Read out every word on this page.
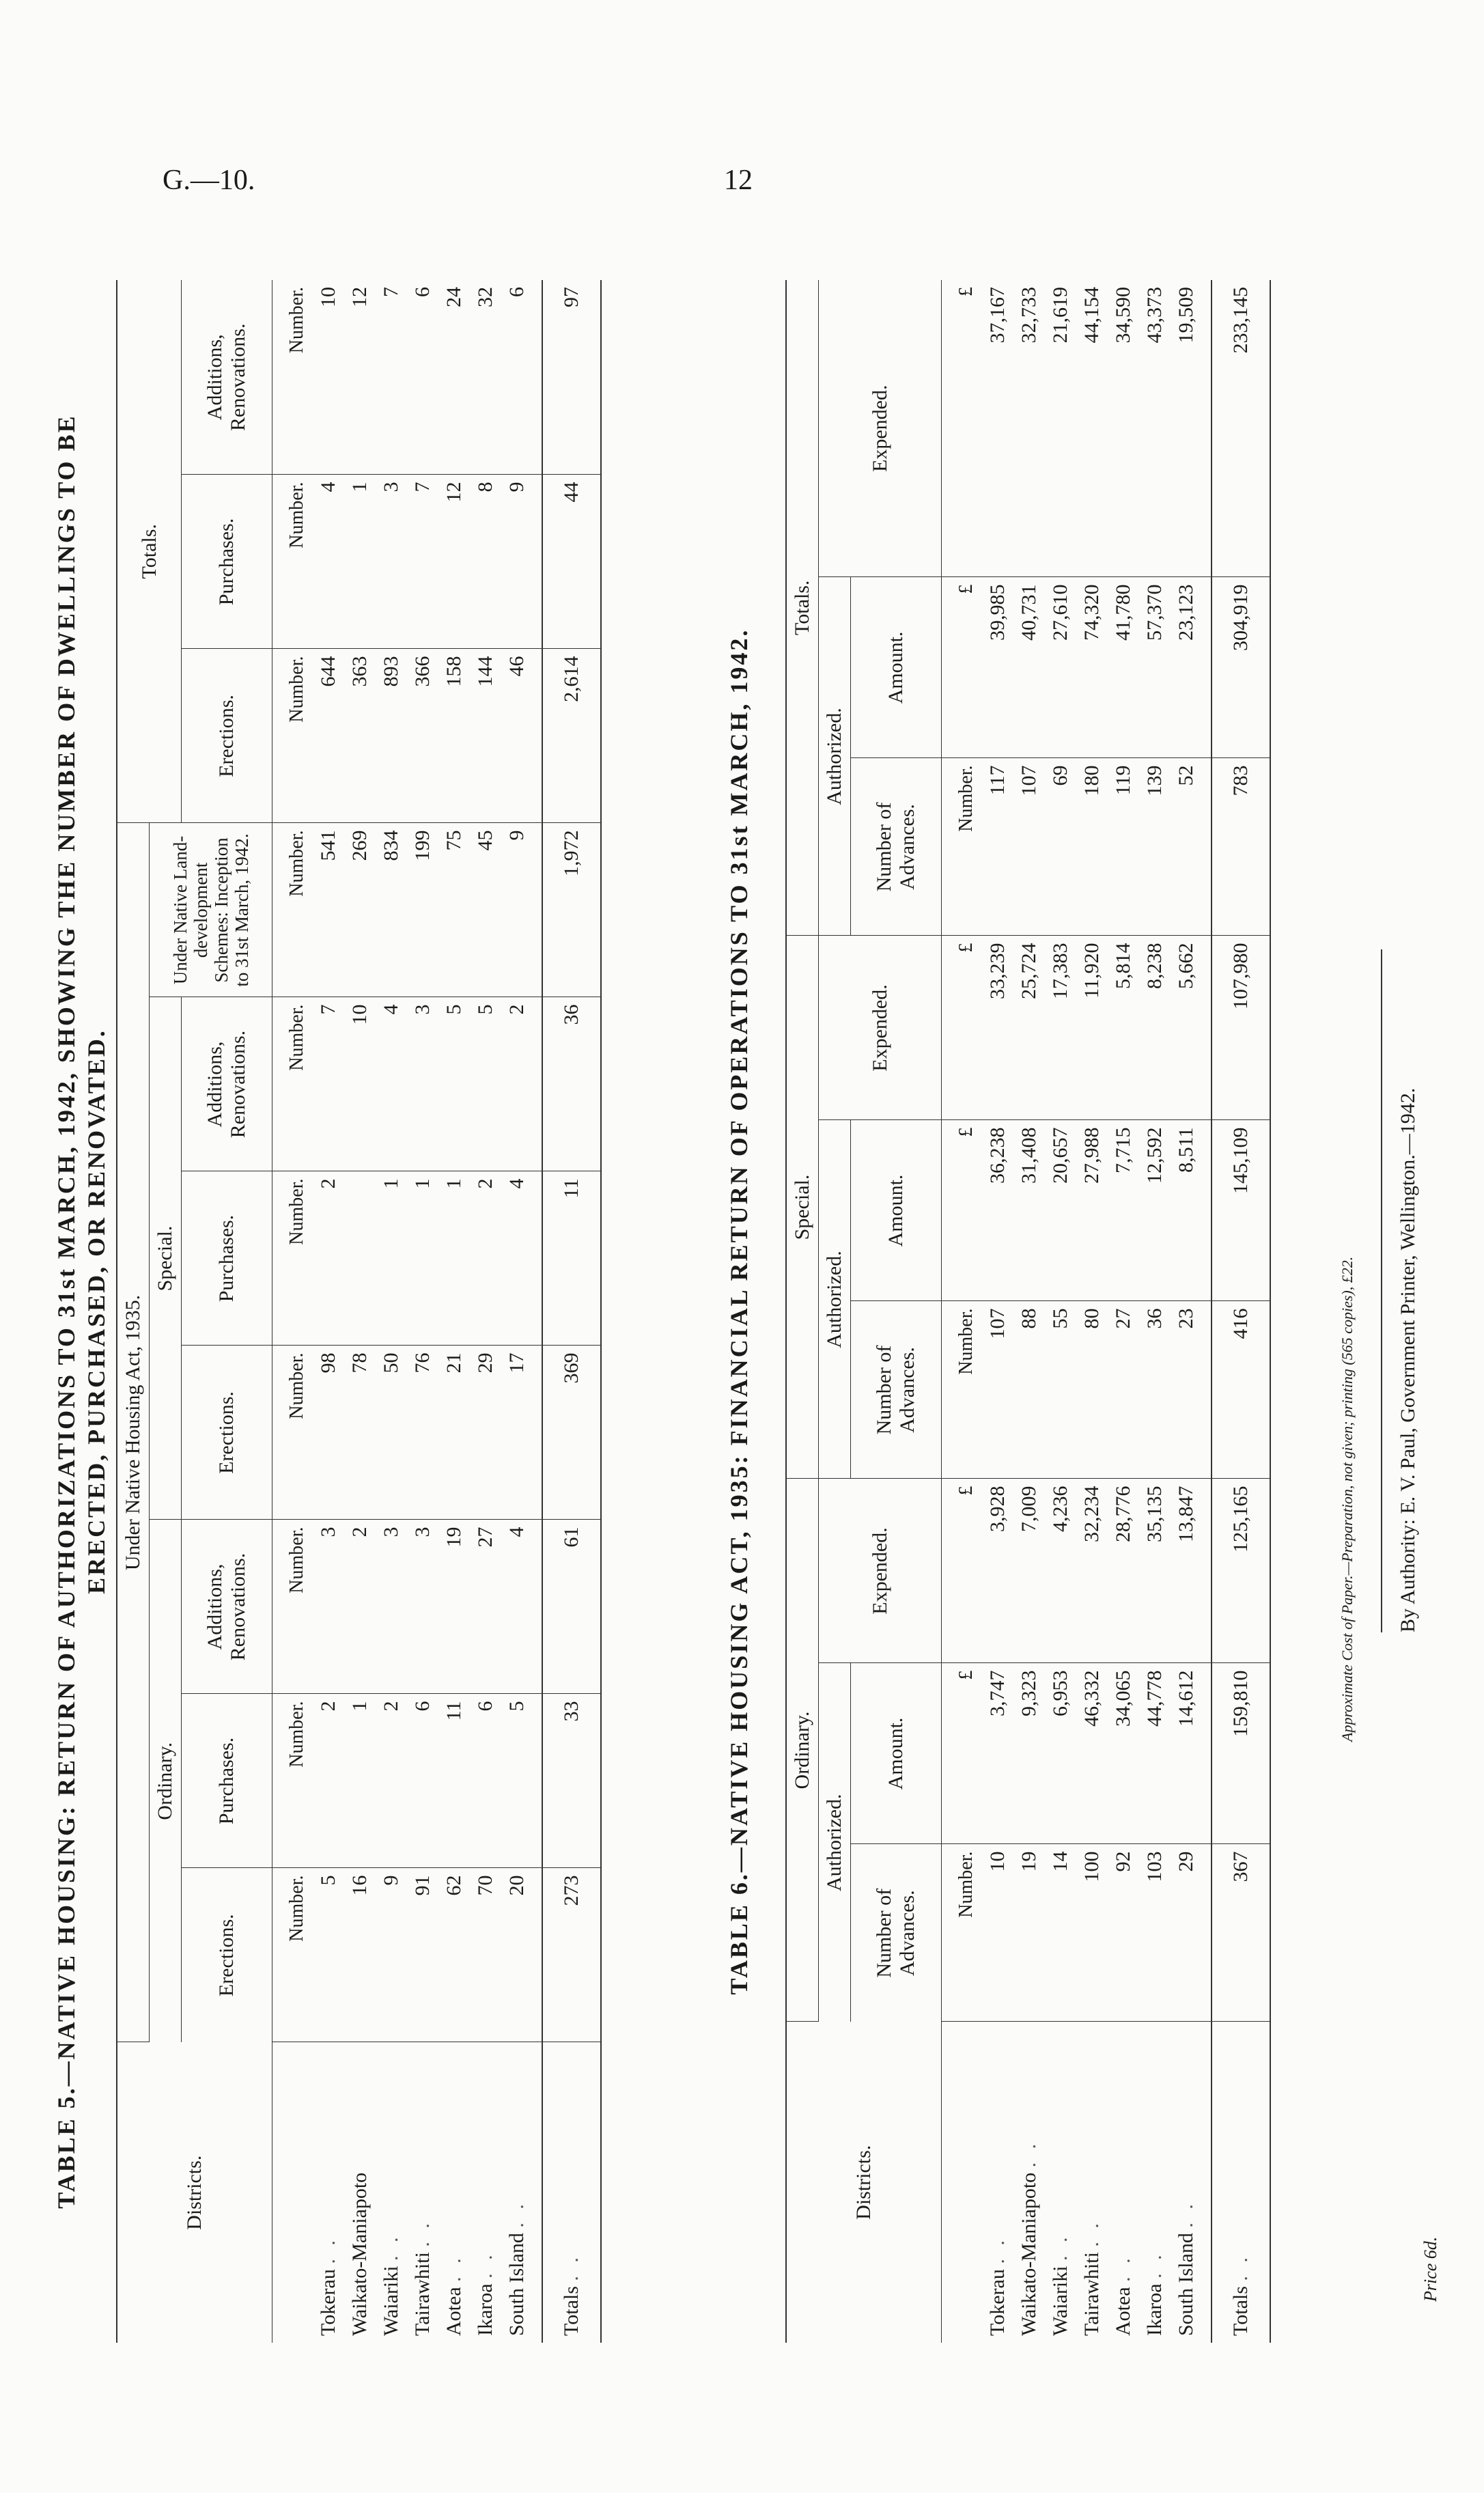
G.—10.	12
TABLE 5.—NATIVE HOUSING: RETURN OF AUTHORIZATIONS TO 31st MARCH, 1942, SHOWING THE NUMBER OF DWELLINGS TO BE ERECTED, PURCHASED, OR RENOVATED.
Districts.	Under Native Housing Act, 1935.							Totals.		
	Ordinary.			Special.			Under Native Land-development Schemes: Inception to 31st March, 1942.			
	Erections.	Purchases.	Additions, Renovations.	Erections.	Purchases.	Additions, Renovations.		Erections.	Purchases.	Additions, Renovations.

	Number.	Number.	Number.	Number.	Number.	Number.	Number.	Number.	Number.	Number.
Tokerau . .	5	2	3	98	2	7	541	644	4	10
Waikato-Maniapoto	16	1	2	78		10	269	363	1	12
Waiariki . .	9	2	3	50	1	4	834	893	3	7
Tairawhiti . .	91	6	3	76	1	3	199	366	7	6
Aotea . .	62	11	19	21	1	5	75	158	12	24
Ikaroa . .	70	6	27	29	2	5	45	144	8	32
South Island . .	20	5	4	17	4	2	9	46	9	6
Totals . .	273	33	61	369	11	36	1,972	2,614	44	97
TABLE 6.—NATIVE HOUSING ACT, 1935: FINANCIAL RETURN OF OPERATIONS TO 31st MARCH, 1942.
Districts.	Ordinary.			Special.			Totals.		
	Authorized.		Expended.	Authorized.		Expended.	Authorized.		Expended.
	Number of Advances.	Amount.		Number of Advances.	Amount.		Number of Advances.	Amount.	

	Number.	£	£	Number.	£	£	Number.	£	£
Tokerau . .	10	3,747	3,928	107	36,238	33,239	117	39,985	37,167
Waikato-Maniapoto . .	19	9,323	7,009	88	31,408	25,724	107	40,731	32,733
Waiariki . .	14	6,953	4,236	55	20,657	17,383	69	27,610	21,619
Tairawhiti . .	100	46,332	32,234	80	27,988	11,920	180	74,320	44,154
Aotea . .	92	34,065	28,776	27	7,715	5,814	119	41,780	34,590
Ikaroa . .	103	44,778	35,135	36	12,592	8,238	139	57,370	43,373
South Island . .	29	14,612	13,847	23	8,511	5,662	52	23,123	19,509
Totals . .	367	159,810	125,165	416	145,109	107,980	783	304,919	233,145
Approximate Cost of Paper.—Preparation, not given; printing (565 copies), £22. By Authority: E. V. Paul, Government Printer, Wellington.—1942.
Price 6d.
